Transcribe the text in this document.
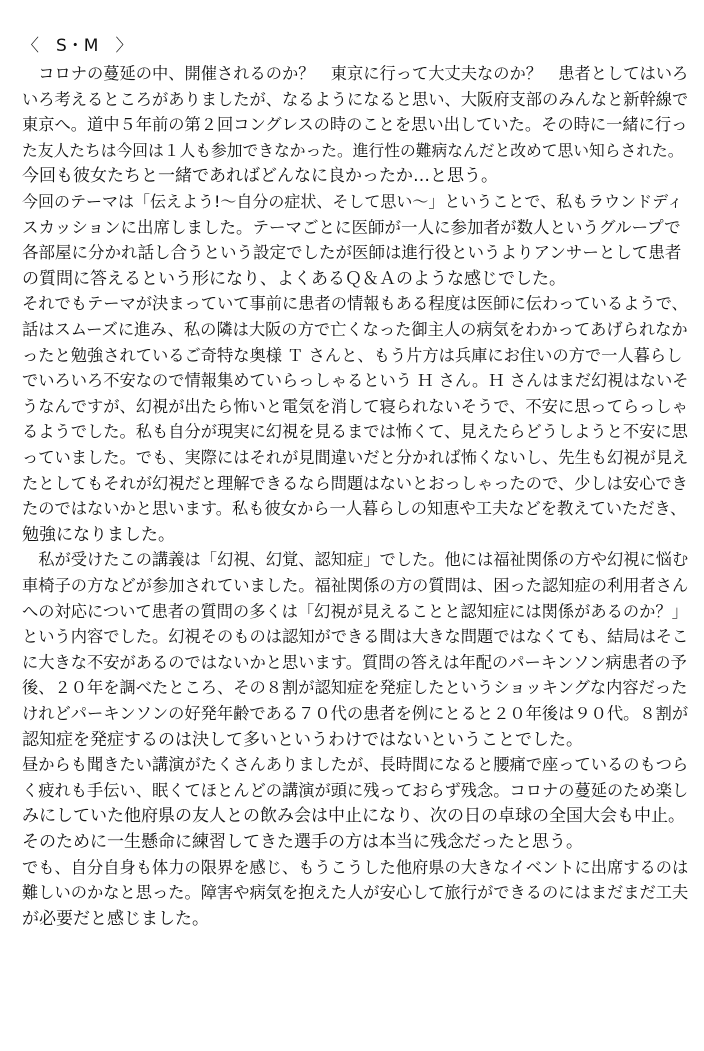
〈　S・M　〉
　コロナの蔓延の中、開催されるのか？　東京に行って大丈夫なのか？　患者としてはいろ
いろ考えるところがありましたが、なるようになると思い、大阪府支部のみんなと新幹線で
東京へ。道中５年前の第２回コングレスの時のことを思い出していた。その時に一緒に行っ
た友人たちは今回は１人も参加できなかった。進行性の難病なんだと改めて思い知らされた。
今回も彼女たちと一緒であればどんなに良かったか…と思う。
今回のテーマは「伝えよう!〜自分の症状、そして思い〜」ということで、私もラウンドディ
スカッションに出席しました。テーマごとに医師が一人に参加者が数人というグループで
各部屋に分かれ話し合うという設定でしたが医師は進行役というよりアンサーとして患者
の質問に答えるという形になり、よくあるＱ＆Ａのような感じでした。
それでもテーマが決まっていて事前に患者の情報もある程度は医師に伝わっているようで、
話はスムーズに進み、私の隣は大阪の方で亡くなった御主人の病気をわかってあげられなか
ったと勉強されているご奇特な奥様 Ｔ さんと、もう片方は兵庫にお住いの方で一人暮らし
でいろいろ不安なので情報集めていらっしゃるという Ｈ さん。Ｈ さんはまだ幻視はないそ
うなんですが、幻視が出たら怖いと電気を消して寝られないそうで、不安に思ってらっしゃ
るようでした。私も自分が現実に幻視を見るまでは怖くて、見えたらどうしようと不安に思
っていました。でも、実際にはそれが見間違いだと分かれば怖くないし、先生も幻視が見え
たとしてもそれが幻視だと理解できるなら問題はないとおっしゃったので、少しは安心でき
たのではないかと思います。私も彼女から一人暮らしの知恵や工夫などを教えていただき、
勉強になりました。
　私が受けたこの講義は「幻視、幻覚、認知症」でした。他には福祉関係の方や幻視に悩む
車椅子の方などが参加されていました。福祉関係の方の質問は、困った認知症の利用者さん
への対応について患者の質問の多くは「幻視が見えることと認知症には関係があるのか？」
という内容でした。幻視そのものは認知ができる間は大きな問題ではなくても、結局はそこ
に大きな不安があるのではないかと思います。質問の答えは年配のパーキンソン病患者の予
後、２０年を調べたところ、その８割が認知症を発症したというショッキングな内容だった
けれどパーキンソンの好発年齢である７０代の患者を例にとると２０年後は９０代。８割が
認知症を発症するのは決して多いというわけではないということでした。
昼からも聞きたい講演がたくさんありましたが、長時間になると腰痛で座っているのもつら
く疲れも手伝い、眠くてほとんどの講演が頭に残っておらず残念。コロナの蔓延のため楽し
みにしていた他府県の友人との飲み会は中止になり、次の日の卓球の全国大会も中止。
そのために一生懸命に練習してきた選手の方は本当に残念だったと思う。
でも、自分自身も体力の限界を感じ、もうこうした他府県の大きなイベントに出席するのは
難しいのかなと思った。障害や病気を抱えた人が安心して旅行ができるのにはまだまだ工夫
が必要だと感じました。
